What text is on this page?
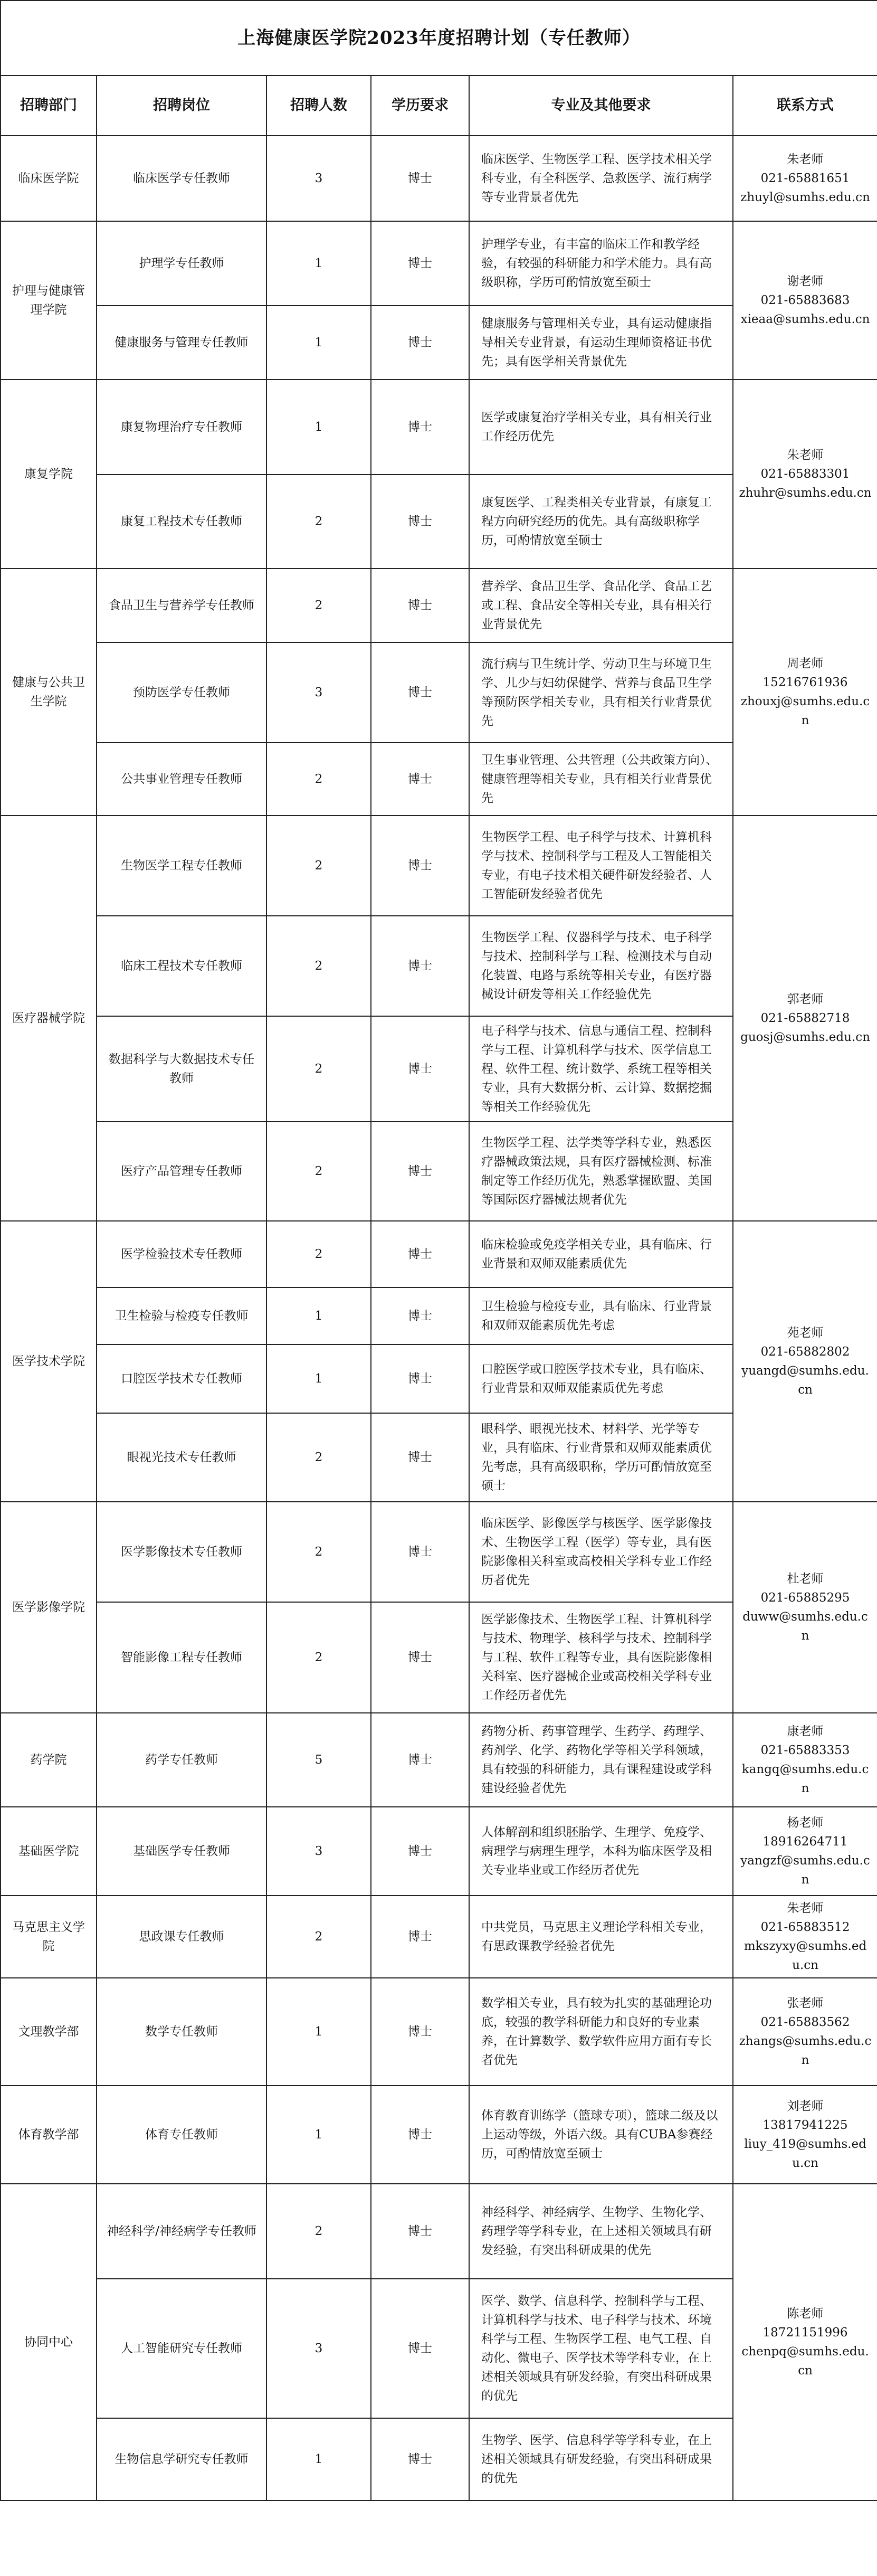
上海健康医学院2023年度招聘计划（专任教师）					
招聘部门	招聘岗位	招聘人数	学历要求	专业及其他要求	联系方式
临床医学院	临床医学专任教师	3	博士	临床医学、生物医学工程、医学技术相关学科专业，有全科医学、急救医学、流行病学等专业背景者优先	朱老师
021-65881651
zhuyl@sumhs.edu.cn

护理与健康管理学院	护理学专任教师	1	博士	护理学专业，有丰富的临床工作和教学经验，有较强的科研能力和学术能力。具有高级职称，学历可酌情放宽至硕士	谢老师
021-65883683
xieaa@sumhs.edu.cn

	健康服务与管理专任教师	1	博士	健康服务与管理相关专业，具有运动健康指导相关专业背景，有运动生理师资格证书优先；具有医学相关背景优先	
康复学院	康复物理治疗专任教师	1	博士	医学或康复治疗学相关专业，具有相关行业工作经历优先	朱老师
021-65883301
zhuhr@sumhs.edu.cn

	康复工程技术专任教师	2	博士	康复医学、工程类相关专业背景，有康复工程方向研究经历的优先。具有高级职称学历，可酌情放宽至硕士	
健康与公共卫生学院	食品卫生与营养学专任教师	2	博士	营养学、食品卫生学、食品化学、食品工艺或工程、食品安全等相关专业，具有相关行业背景优先	周老师
15216761936
zhouxj@sumhs.edu.cn

	预防医学专任教师	3	博士	流行病与卫生统计学、劳动卫生与环境卫生学、儿少与妇幼保健学、营养与食品卫生学等预防医学相关专业，具有相关行业背景优先	
	公共事业管理专任教师	2	博士	卫生事业管理、公共管理（公共政策方向）、健康管理等相关专业，具有相关行业背景优先	
医疗器械学院	生物医学工程专任教师	2	博士	生物医学工程、电子科学与技术、计算机科学与技术、控制科学与工程及人工智能相关专业，有电子技术相关硬件研发经验者、人工智能研发经验者优先	郭老师
021-65882718
guosj@sumhs.edu.cn

	临床工程技术专任教师	2	博士	生物医学工程、仪器科学与技术、电子科学与技术、控制科学与工程、检测技术与自动化装置、电路与系统等相关专业，有医疗器械设计研发等相关工作经验优先	
	数据科学与大数据技术专任教师	2	博士	电子科学与技术、信息与通信工程、控制科学与工程、计算机科学与技术、医学信息工程、软件工程、统计数学、系统工程等相关专业，具有大数据分析、云计算、数据挖掘等相关工作经验优先	
	医疗产品管理专任教师	2	博士	生物医学工程、法学类等学科专业，熟悉医疗器械政策法规，具有医疗器械检测、标准制定等工作经历优先，熟悉掌握欧盟、美国等国际医疗器械法规者优先	
医学技术学院	医学检验技术专任教师	2	博士	临床检验或免疫学相关专业，具有临床、行业背景和双师双能素质优先	苑老师
021-65882802
yuangd@sumhs.edu.cn

	卫生检验与检疫专任教师	1	博士	卫生检验与检疫专业，具有临床、行业背景和双师双能素质优先考虑	
	口腔医学技术专任教师	1	博士	口腔医学或口腔医学技术专业，具有临床、行业背景和双师双能素质优先考虑	
	眼视光技术专任教师	2	博士	眼科学、眼视光技术、材料学、光学等专业，具有临床、行业背景和双师双能素质优先考虑，具有高级职称，学历可酌情放宽至硕士	
医学影像学院	医学影像技术专任教师	2	博士	临床医学、影像医学与核医学、医学影像技术、生物医学工程（医学）等专业，具有医院影像相关科室或高校相关学科专业工作经历者优先	杜老师
021-65885295
duww@sumhs.edu.cn

	智能影像工程专任教师	2	博士	医学影像技术、生物医学工程、计算机科学与技术、物理学、核科学与技术、控制科学与工程、软件工程等专业，具有医院影像相关科室、医疗器械企业或高校相关学科专业工作经历者优先	
药学院	药学专任教师	5	博士	药物分析、药事管理学、生药学、药理学、药剂学、化学、药物化学等相关学科领域，具有较强的科研能力，具有课程建设或学科建设经验者优先	康老师
021-65883353
kangq@sumhs.edu.cn

基础医学院	基础医学专任教师	3	博士	人体解剖和组织胚胎学、生理学、免疫学、病理学与病理生理学，本科为临床医学及相关专业毕业或工作经历者优先	杨老师
18916264711
yangzf@sumhs.edu.cn

马克思主义学院	思政课专任教师	2	博士	中共党员，马克思主义理论学科相关专业，有思政课教学经验者优先	朱老师
021-65883512
mkszyxy@sumhs.edu.cn

文理教学部	数学专任教师	1	博士	数学相关专业，具有较为扎实的基础理论功底，较强的教学科研能力和良好的专业素养，在计算数学、数学软件应用方面有专长者优先	张老师
021-65883562
zhangs@sumhs.edu.cn

体育教学部	体育专任教师	1	博士	体育教育训练学（篮球专项），篮球二级及以上运动等级，外语六级。具有CUBA参赛经历，可酌情放宽至硕士	刘老师
13817941225
liuy_419@sumhs.edu.cn

协同中心	神经科学/神经病学专任教师	2	博士	神经科学、神经病学、生物学、生物化学、药理学等学科专业，在上述相关领域具有研发经验，有突出科研成果的优先	陈老师
18721151996
chenpq@sumhs.edu.cn

	人工智能研究专任教师	3	博士	医学、数学、信息科学、控制科学与工程、计算机科学与技术、电子科学与技术、环境科学与工程、生物医学工程、电气工程、自动化、微电子、医学技术等学科专业，在上述相关领域具有研发经验，有突出科研成果的优先	
	生物信息学研究专任教师	1	博士	生物学、医学、信息科学等学科专业，在上述相关领域具有研发经验，有突出科研成果的优先	
